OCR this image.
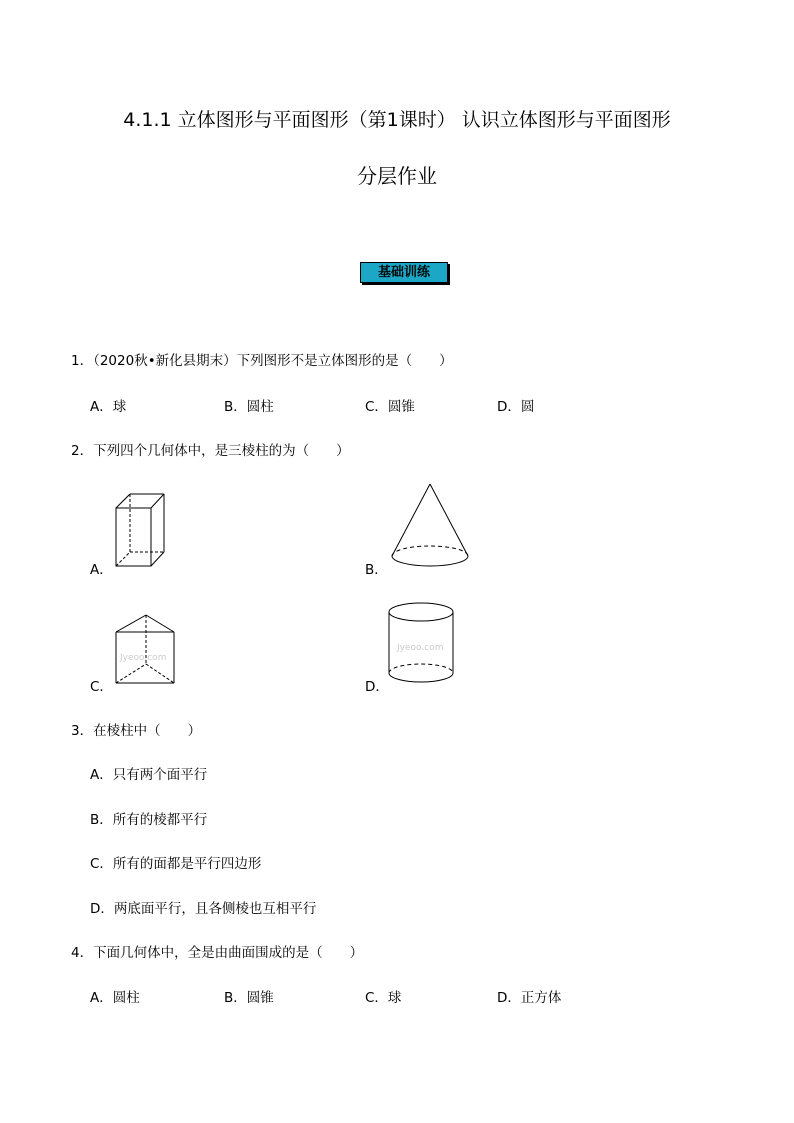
4.1.1 立体图形与平面图形（第1课时） 认识立体图形与平面图形
分层作业
基础训练
1．（2020秋•新化县期末）下列图形不是立体图形的是（　　）
A．球	B．圆柱	C．圆锥	D．圆
2．下列四个几何体中，是三棱柱的为（　　）
A．	B．
C．
Jyeoo.com
D．
Jyeoo.com
3．在棱柱中（　　）
A．只有两个面平行
B．所有的棱都平行
C．所有的面都是平行四边形
D．两底面平行，且各侧棱也互相平行
4．下面几何体中，全是由曲面围成的是（　　）
A．圆柱	B．圆锥	C．球	D．正方体
